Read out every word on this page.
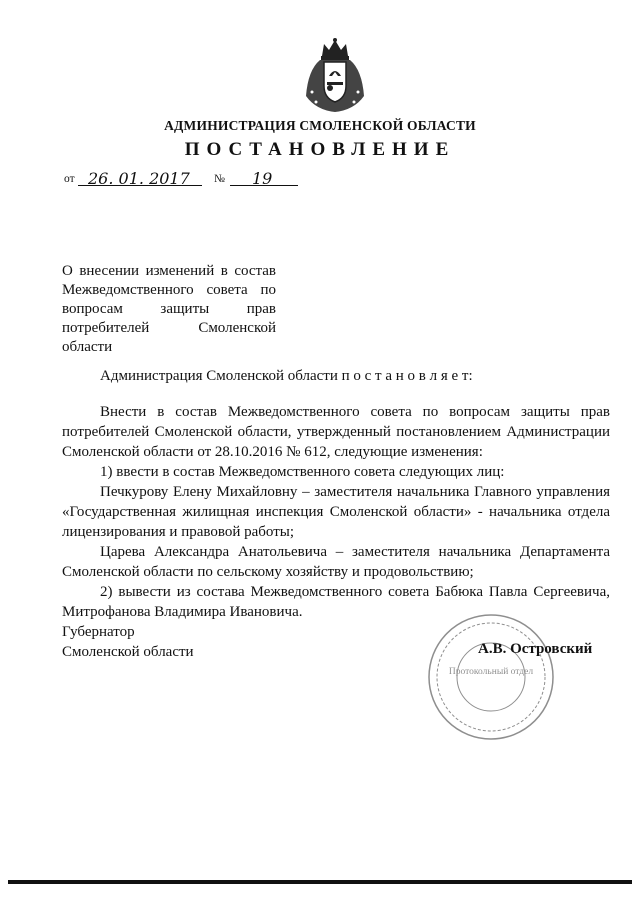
АДМИНИСТРАЦИЯ СМОЛЕНСКОЙ ОБЛАСТИ
ПОСТАНОВЛЕНИЕ
от 26. 01. 2017 № 19
О внесении изменений в состав
Межведомственного совета по
вопросам защиты прав
потребителей Смоленской
области

Администрация Смоленской области п о с т а н о в л я е т:

Внести в состав Межведомственного совета по вопросам защиты прав потребителей Смоленской области, утвержденный постановлением Администрации Смоленской области от 28.10.2016 № 612, следующие изменения:

1) ввести в состав Межведомственного совета следующих лиц:

Печкурову Елену Михайловну – заместителя начальника Главного управления «Государственная жилищная инспекция Смоленской области» - начальника отдела лицензирования и правовой работы;

Царева Александра Анатольевича – заместителя начальника Департамента Смоленской области по сельскому хозяйству и продовольствию;

2) вывести из состава Межведомственного совета Бабюка Павла Сергеевича, Митрофанова Владимира Ивановича.

Губернатор
Смоленской области
Протокольный отдел
А.В. Островский
